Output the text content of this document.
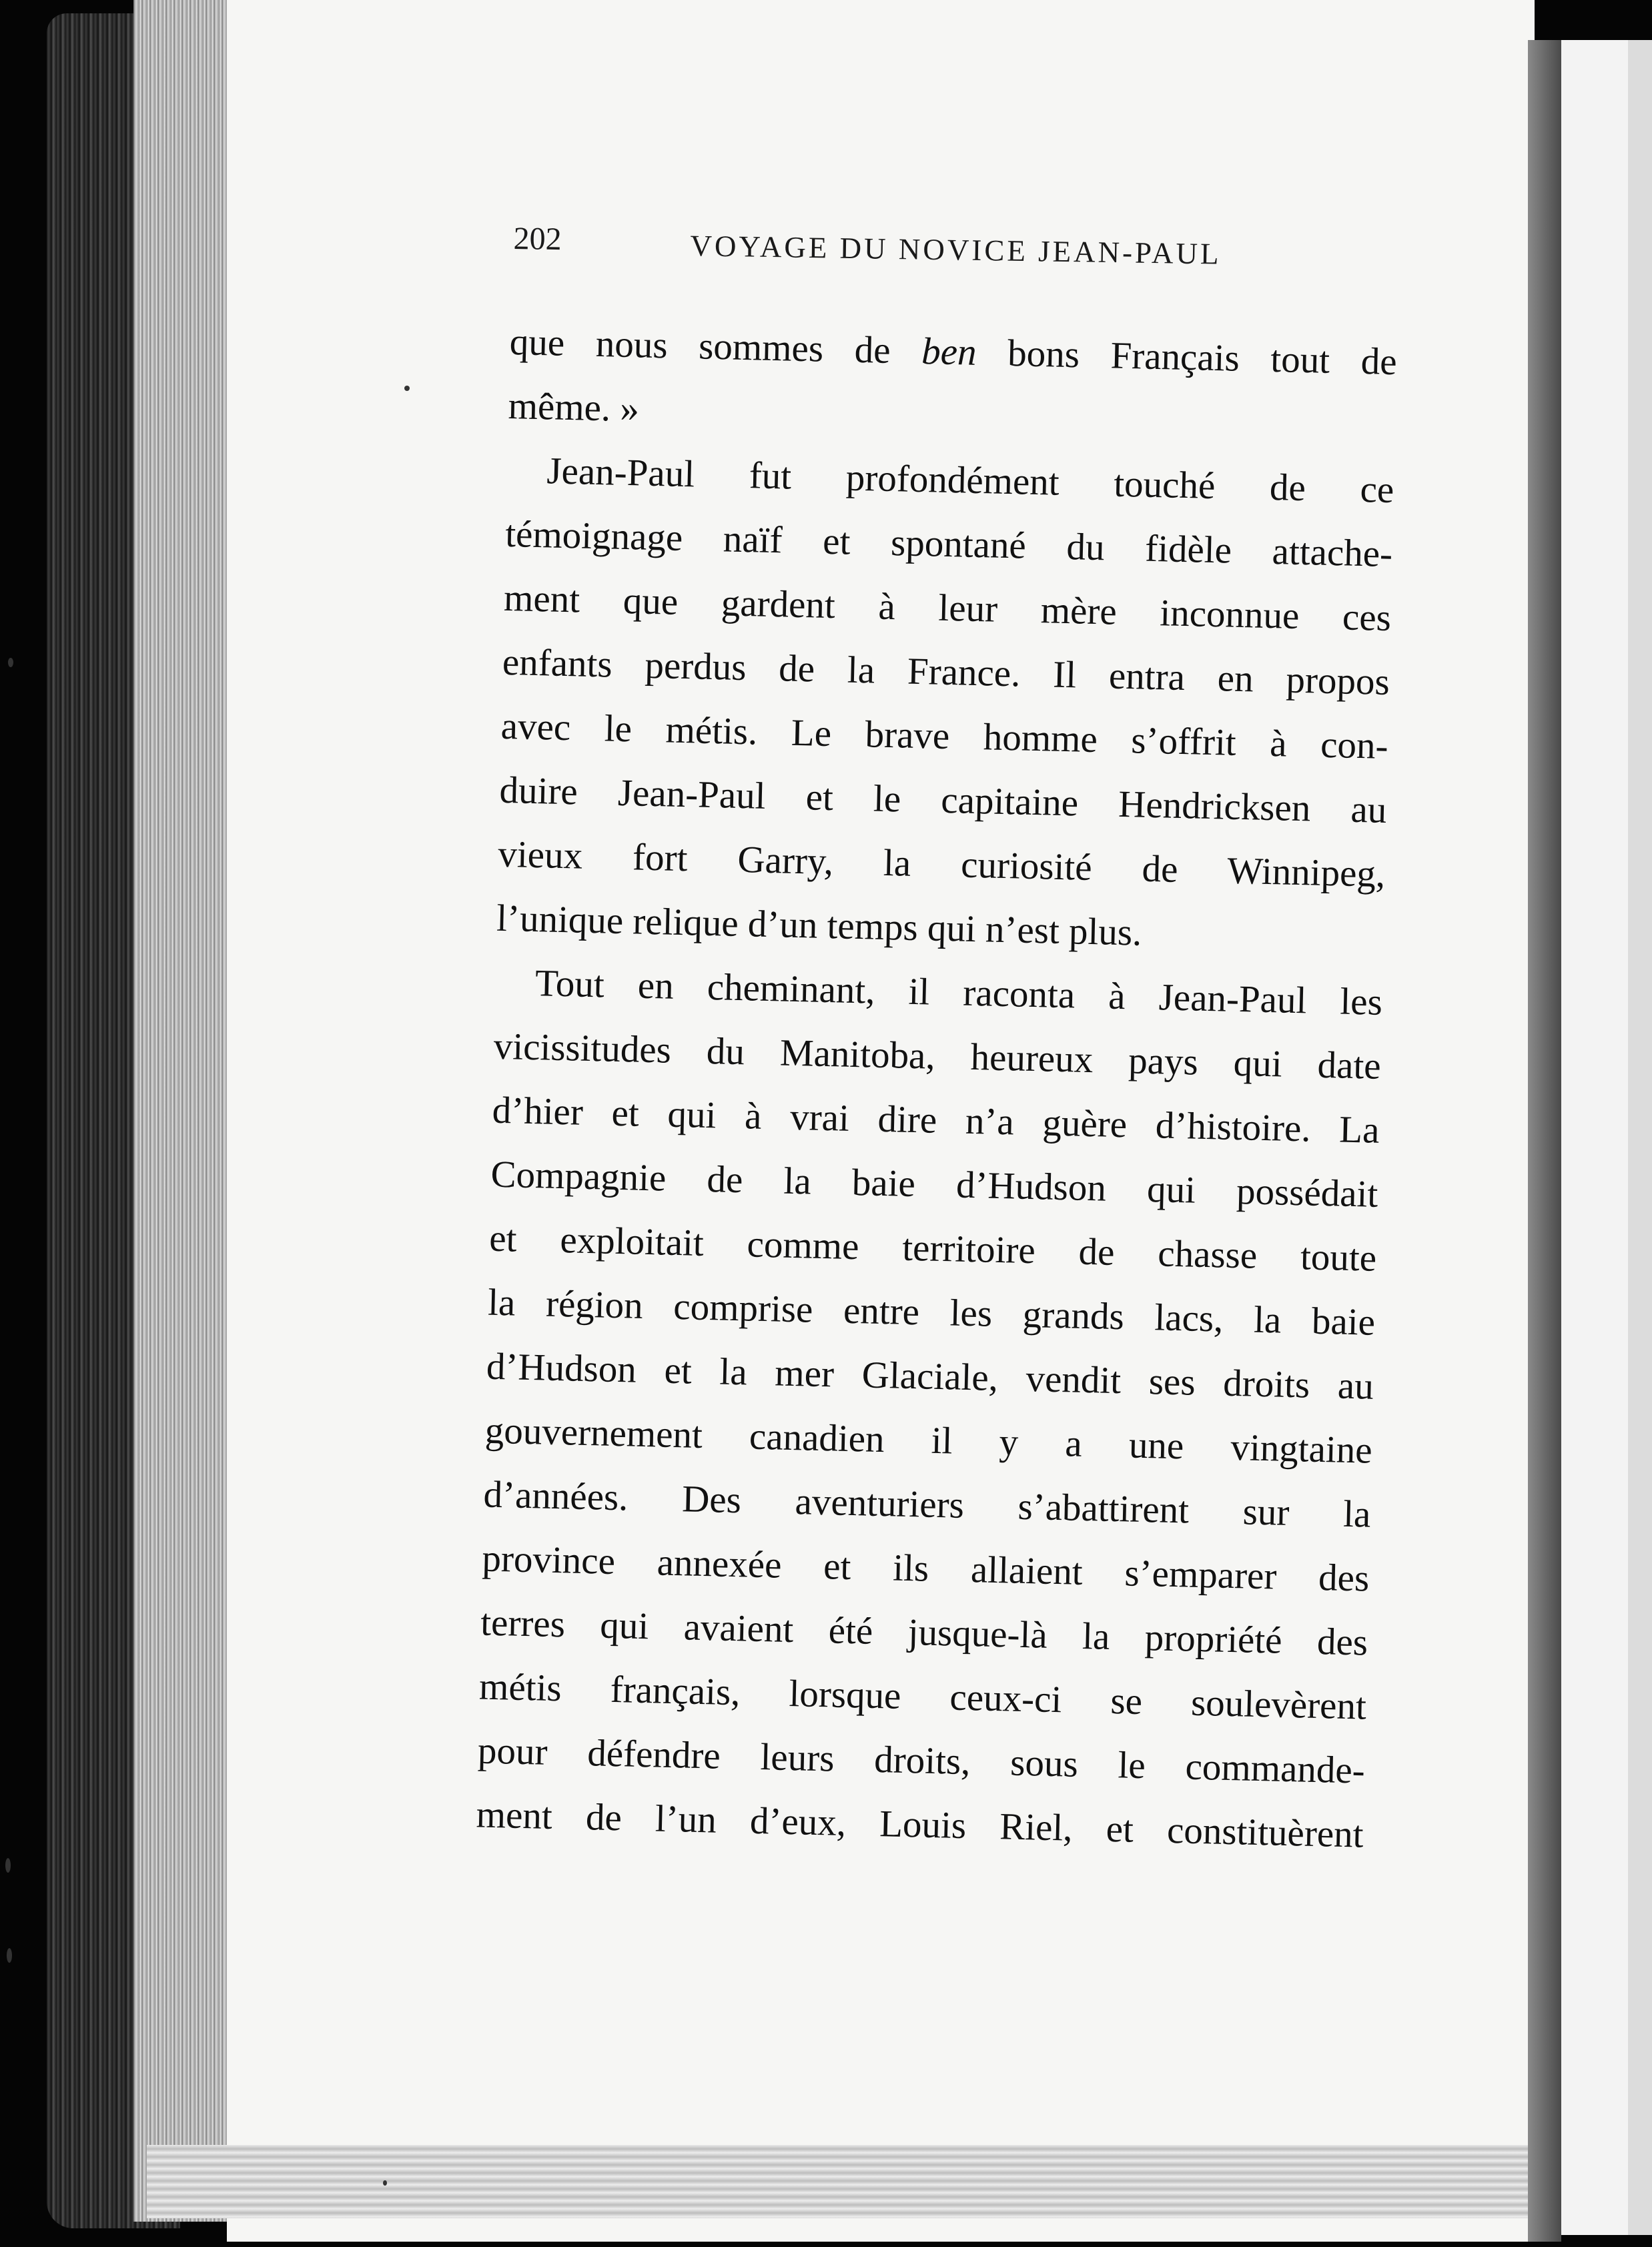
202	VOYAGE DU NOVICE JEAN-PAUL
que nous sommes de ben bons Français tout de
même. »
Jean-Paul fut profondément touché de ce
témoignage naïf et spontané du fidèle attache-
ment que gardent à leur mère inconnue ces
enfants perdus de la France. Il entra en propos
avec le métis. Le brave homme s’offrit à con-
duire Jean-Paul et le capitaine Hendricksen au
vieux fort Garry, la curiosité de Winnipeg,
l’unique relique d’un temps qui n’est plus.
Tout en cheminant, il raconta à Jean-Paul les
vicissitudes du Manitoba, heureux pays qui date
d’hier et qui à vrai dire n’a guère d’histoire. La
Compagnie de la baie d’Hudson qui possédait
et exploitait comme territoire de chasse toute
la région comprise entre les grands lacs, la baie
d’Hudson et la mer Glaciale, vendit ses droits au
gouvernement canadien il y a une vingtaine
d’années. Des aventuriers s’abattirent sur la
province annexée et ils allaient s’emparer des
terres qui avaient été jusque-là la propriété des
métis français, lorsque ceux-ci se soulevèrent
pour défendre leurs droits, sous le commande-
ment de l’un d’eux, Louis Riel, et constituèrent
